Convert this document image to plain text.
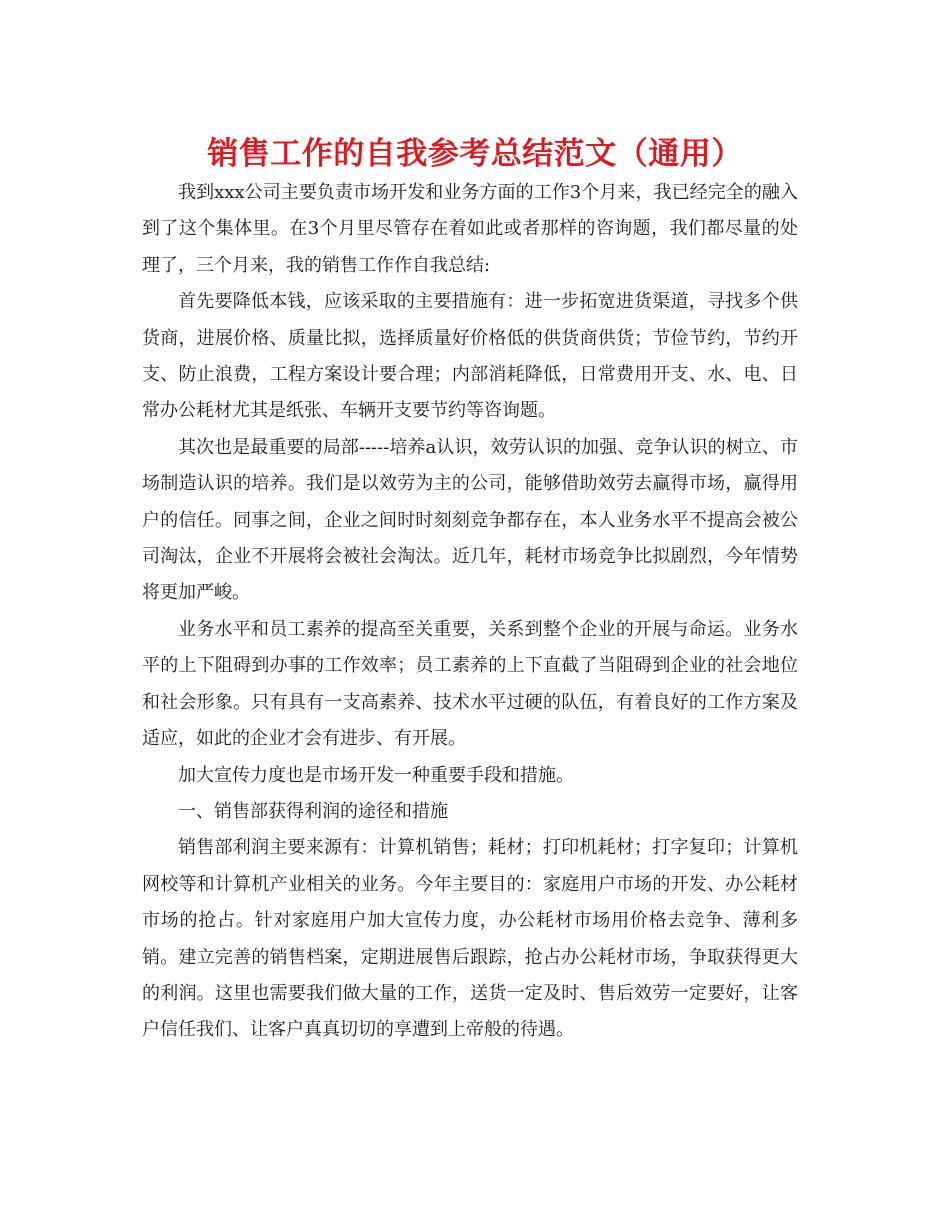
销售工作的自我参考总结范文（通用）

我到xxx公司主要负责市场开发和业务方面的工作3个月来，我已经完全的融入到了这个集体里。在3个月里尽管存在着如此或者那样的咨询题，我们都尽量的处理了，三个月来，我的销售工作作自我总结:

首先要降低本钱，应该采取的主要措施有：进一步拓宽进货渠道，寻找多个供货商，进展价格、质量比拟，选择质量好价格低的供货商供货；节俭节约，节约开支、防止浪费，工程方案设计要合理；内部消耗降低，日常费用开支、水、电、日常办公耗材尤其是纸张、车辆开支要节约等咨询题。

其次也是最重要的局部-----培养a认识，效劳认识的加强、竞争认识的树立、市场制造认识的培养。我们是以效劳为主的公司，能够借助效劳去赢得市场，赢得用户的信任。同事之间，企业之间时时刻刻竞争都存在，本人业务水平不提高会被公司淘汰，企业不开展将会被社会淘汰。近几年，耗材市场竞争比拟剧烈，今年情势将更加严峻。

业务水平和员工素养的提高至关重要，关系到整个企业的开展与命运。业务水平的上下阻碍到办事的工作效率；员工素养的上下直截了当阻碍到企业的社会地位和社会形象。只有具有一支高素养、技术水平过硬的队伍，有着良好的工作方案及适应，如此的企业才会有进步、有开展。

加大宣传力度也是市场开发一种重要手段和措施。

一、销售部获得利润的途径和措施

销售部利润主要来源有：计算机销售；耗材；打印机耗材；打字复印；计算机网校等和计算机产业相关的业务。今年主要目的：家庭用户市场的开发、办公耗材市场的抢占。针对家庭用户加大宣传力度，办公耗材市场用价格去竞争、薄利多销。建立完善的销售档案，定期进展售后跟踪，抢占办公耗材市场，争取获得更大的利润。这里也需要我们做大量的工作，送货一定及时、售后效劳一定要好，让客户信任我们、让客户真真切切的享遭到上帝般的待遇。
